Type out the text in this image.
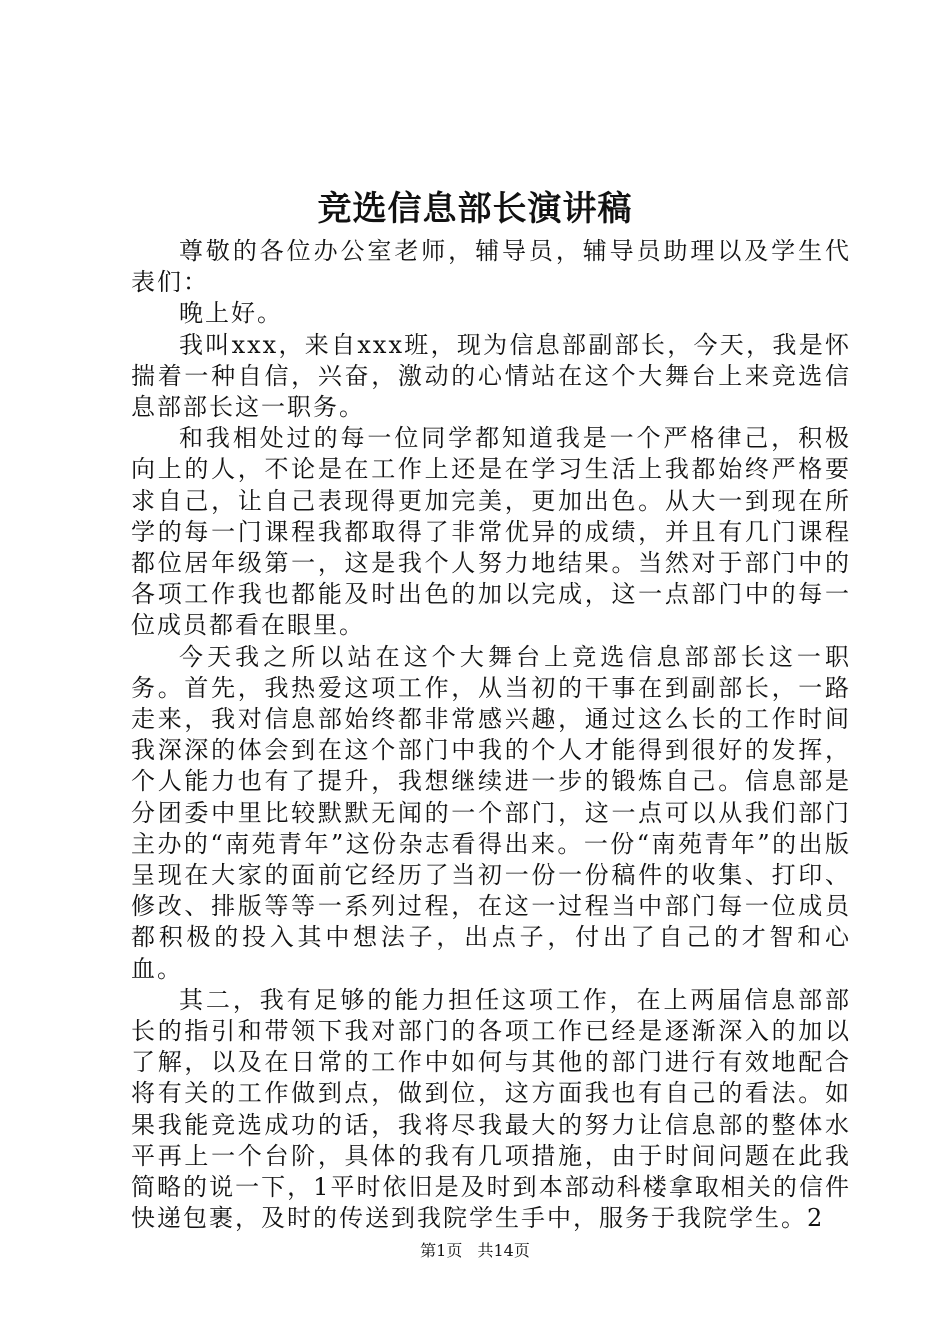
竞选信息部长演讲稿

尊敬的各位办公室老师，辅导员，辅导员助理以及学生代表们：

晚上好。

我叫xxx，来自xxx班，现为信息部副部长，今天，我是怀揣着一种自信，兴奋，激动的心情站在这个大舞台上来竞选信息部部长这一职务。

和我相处过的每一位同学都知道我是一个严格律己，积极向上的人，不论是在工作上还是在学习生活上我都始终严格要求自己，让自己表现得更加完美，更加出色。从大一到现在所学的每一门课程我都取得了非常优异的成绩，并且有几门课程都位居年级第一，这是我个人努力地结果。当然对于部门中的各项工作我也都能及时出色的加以完成，这一点部门中的每一位成员都看在眼里。

今天我之所以站在这个大舞台上竞选信息部部长这一职务。首先，我热爱这项工作，从当初的干事在到副部长，一路走来，我对信息部始终都非常感兴趣，通过这么长的工作时间我深深的体会到在这个部门中我的个人才能得到很好的发挥，个人能力也有了提升，我想继续进一步的锻炼自己。信息部是分团委中里比较默默无闻的一个部门，这一点可以从我们部门主办的“南苑青年”这份杂志看得出来。一份“南苑青年”的出版呈现在大家的面前它经历了当初一份一份稿件的收集、打印、修改、排版等等一系列过程，在这一过程当中部门每一位成员都积极的投入其中想法子，出点子，付出了自己的才智和心血。

其二，我有足够的能力担任这项工作，在上两届信息部部长的指引和带领下我对部门的各项工作已经是逐渐深入的加以了解，以及在日常的工作中如何与其他的部门进行有效地配合将有关的工作做到点，做到位，这方面我也有自己的看法。如果我能竞选成功的话，我将尽我最大的努力让信息部的整体水平再上一个台阶，具体的我有几项措施，由于时间问题在此我简略的说一下，1平时依旧是及时到本部动科楼拿取相关的信件快递包裹，及时的传送到我院学生手中，服务于我院学生。2

第1页 共14页
